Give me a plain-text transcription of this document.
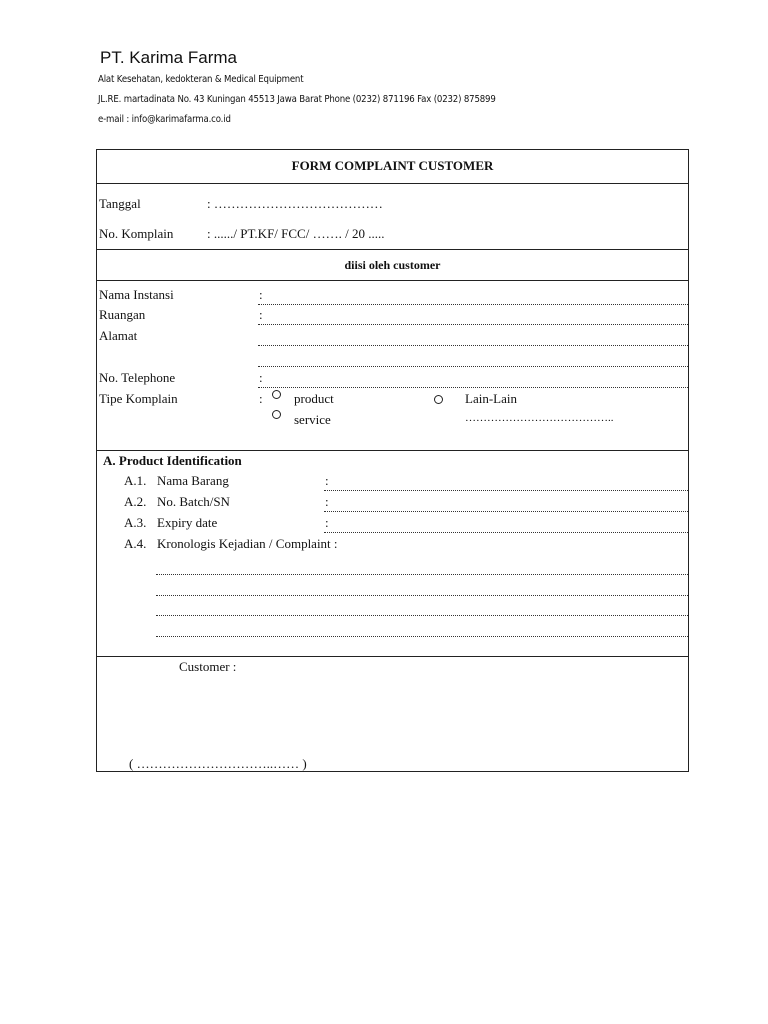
PT. Karima Farma
Alat Kesehatan, kedokteran & Medical Equipment
JL.RE. martadinata No. 43 Kuningan 45513 Jawa Barat Phone (0232) 871196 Fax (0232) 875899
e-mail : info@karimafarma.co.id
FORM COMPLAINT CUSTOMER
Tanggal	: …………………………………
No. Komplain	: ....../ PT.KF/ FCC/ ……. / 20 .....
diisi oleh customer
Nama Instansi	:
Ruangan	:
Alamat
No. Telephone	:
Tipe Komplain	: product	Lain-Lain
service	…………………………………..
A. Product Identification
A.1. Nama Barang	:
A.2. No. Batch/SN	:
A.3. Expiry date	:
A.4. Kronologis Kejadian / Complaint :
Customer :
( …………………………..…… )
